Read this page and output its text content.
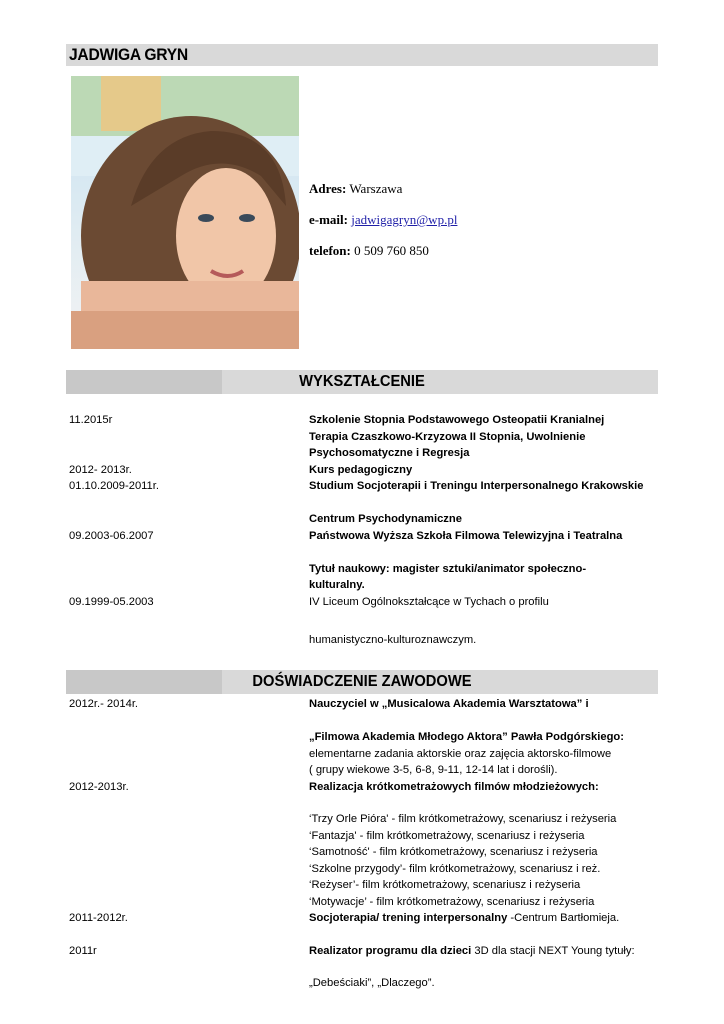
JADWIGA GRYN
Adres: Warszawa
e-mail: jadwigagryn@wp.pl
telefon: 0 509 760 850
WYKSZTAŁCENIE
11.2015r	Szkolenie Stopnia Podstawowego Osteopatii Kranialnej
Terapia Czaszkowo-Krzyzowa II Stopnia, Uwolnienie
Psychosomatyczne i Regresja
2012- 2013r.	Kurs pedagogiczny
01.10.2009-2011r.	Studium Socjoterapii i Treningu Interpersonalnego Krakowskie
Centrum Psychodynamiczne
09.2003-06.2007	Państwowa Wyższa Szkoła Filmowa Telewizyjna i Teatralna
Tytuł naukowy: magister sztuki/animator społeczno-
kulturalny.
09.1999-05.2003	IV Liceum Ogólnokształcące w Tychach o profilu
humanistyczno-kulturoznawczym.
DOŚWIADCZENIE ZAWODOWE
2012r.- 2014r.	Nauczyciel w „Musicalowa Akademia Warsztatowa” i
„Filmowa Akademia Młodego Aktora” Pawła Podgórskiego:
elementarne zadania aktorskie oraz zajęcia aktorsko-filmowe
( grupy wiekowe 3-5, 6-8, 9-11, 12-14 lat i dorośli).
2012-2013r.	Realizacja krótkometrażowych filmów młodzieżowych:
‘Trzy Orle Pióra' - film krótkometrażowy, scenariusz i reżyseria
‘Fantazja' - film krótkometrażowy, scenariusz i reżyseria
‘Samotność' - film krótkometrażowy, scenariusz i reżyseria
‘Szkolne przygody’- film krótkometrażowy, scenariusz i reż.
‘Reżyser’- film krótkometrażowy, scenariusz i reżyseria
‘Motywacje’ - film krótkometrażowy, scenariusz i reżyseria
2011-2012r.	Socjoterapia/ trening interpersonalny -Centrum Bartłomieja.
2011r	Realizator programu dla dzieci 3D dla stacji NEXT Young tytuły:
„Debeściaki”, „Dlaczego”.
